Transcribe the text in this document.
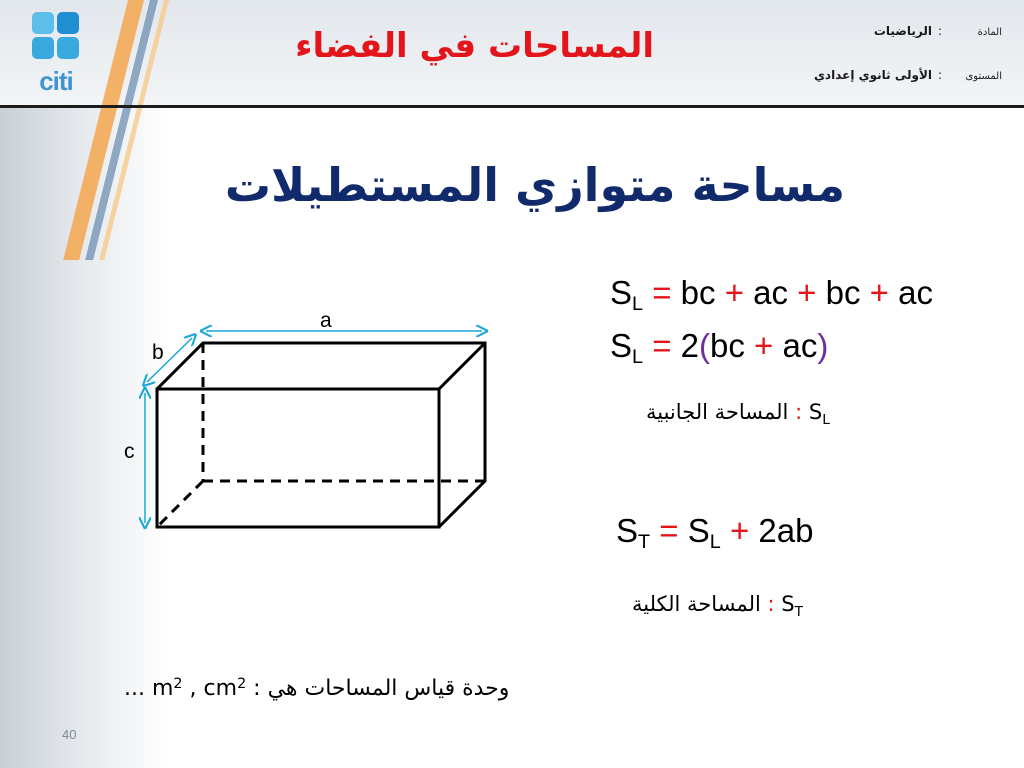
citi
المساحات في الفضاء	المادة:الرياضيات
المستوى:الأولى ثانوي إعدادي
مساحة متوازي المستطيلات
a
b
c
$S_L$ = bc + ac + bc + ac
$S_L = 2(bc + ac)$
المساحة الجانبية : $S_L$
$S_T = S_L + 2ab$
المساحة الكلية : $S_T$
... $m^2$ , $cm^2$ وحدة قياس المساحات هي :
40
